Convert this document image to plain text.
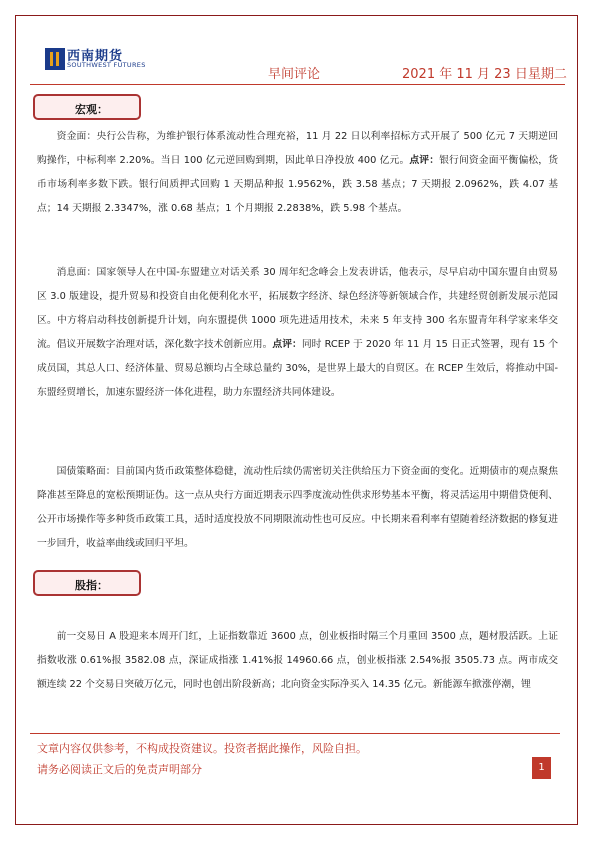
西南期货
SOUTHWEST FUTURES
早间评论	2021 年 11 月 23 日星期二
宏观：
资金面：央行公告称，为维护银行体系流动性合理充裕，11 月 22 日以利率招标方式开展了 500 亿元 7 天期逆回购操作，中标利率 2.20%。当日 100 亿元逆回购到期，因此单日净投放 400 亿元。点评：银行间资金面平衡偏松，货币市场利率多数下跌。银行间质押式回购 1 天期品种报 1.9562%，跌 3.58 基点；7 天期报 2.0962%，跌 4.07 基点；14 天期报 2.3347%，涨 0.68 基点；1 个月期报 2.2838%，跌 5.98 个基点。
消息面：国家领导人在中国-东盟建立对话关系 30 周年纪念峰会上发表讲话，他表示，尽早启动中国东盟自由贸易区 3.0 版建设，提升贸易和投资自由化便利化水平，拓展数字经济、绿色经济等新领域合作，共建经贸创新发展示范园区。中方将启动科技创新提升计划，向东盟提供 1000 项先进适用技术，未来 5 年支持 300 名东盟青年科学家来华交流。倡议开展数字治理对话，深化数字技术创新应用。点评：同时 RCEP 于 2020 年 11 月 15 日正式签署，现有 15 个成员国，其总人口、经济体量、贸易总额均占全球总量约 30%，是世界上最大的自贸区。在 RCEP 生效后，将推动中国-东盟经贸增长，加速东盟经济一体化进程，助力东盟经济共同体建设。
国债策略面：目前国内货币政策整体稳健，流动性后续仍需密切关注供给压力下资金面的变化。近期债市的观点聚焦降准甚至降息的宽松预期证伪。这一点从央行方面近期表示四季度流动性供求形势基本平衡，将灵活运用中期借贷便利、公开市场操作等多种货币政策工具，适时适度投放不同期限流动性也可反应。中长期来看利率有望随着经济数据的修复进一步回升，收益率曲线或回归平坦。
股指：
前一交易日 A 股迎来本周开门红，上证指数靠近 3600 点，创业板指时隔三个月重回 3500 点，题材股活跃。上证指数收涨 0.61%报 3582.08 点，深证成指涨 1.41%报 14960.66 点，创业板指涨 2.54%报 3505.73 点。两市成交额连续 22 个交易日突破万亿元，同时也创出阶段新高；北向资金实际净买入 14.35 亿元。新能源车掀涨停潮，锂
文章内容仅供参考，不构成投资建议。投资者据此操作，风险自担。
请务必阅读正文后的免责声明部分	1
